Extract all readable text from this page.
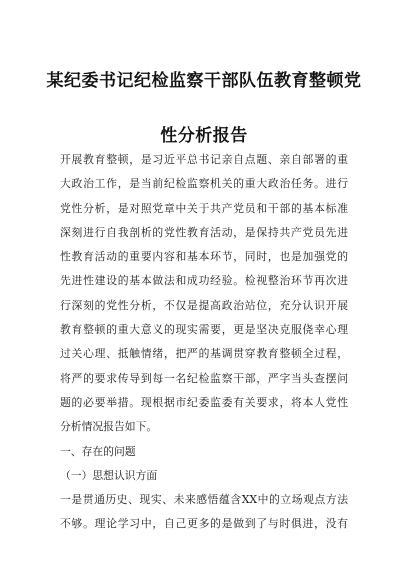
某纪委书记纪检监察干部队伍教育整顿党
性分析报告
开展教育整顿，是习近平总书记亲自点题、亲自部署的重
大政治工作，是当前纪检监察机关的重大政治任务。进行
党性分析，是对照党章中关于共产党员和干部的基本标准
深刻进行自我剖析的党性教育活动，是保持共产党员先进
性教育活动的重要内容和基本环节，同时，也是加强党的
先进性建设的基本做法和成功经验。检视整治环节再次进
行深刻的党性分析，不仅是提高政治站位，充分认识开展
教育整顿的重大意义的现实需要，更是坚决克服侥幸心理
过关心理、抵触情绪，把严的基调贯穿教育整顿全过程，
将严的要求传导到每一名纪检监察干部，严字当头查摆问
题的必要举措。现根据市纪委监委有关要求，将本人党性
分析情况报告如下。
一、存在的问题
（一）思想认识方面
一是贯通历史、现实、未来感悟蕴含XX中的立场观点方法
不够。理论学习中，自己更多的是做到了与时俱进，没有
